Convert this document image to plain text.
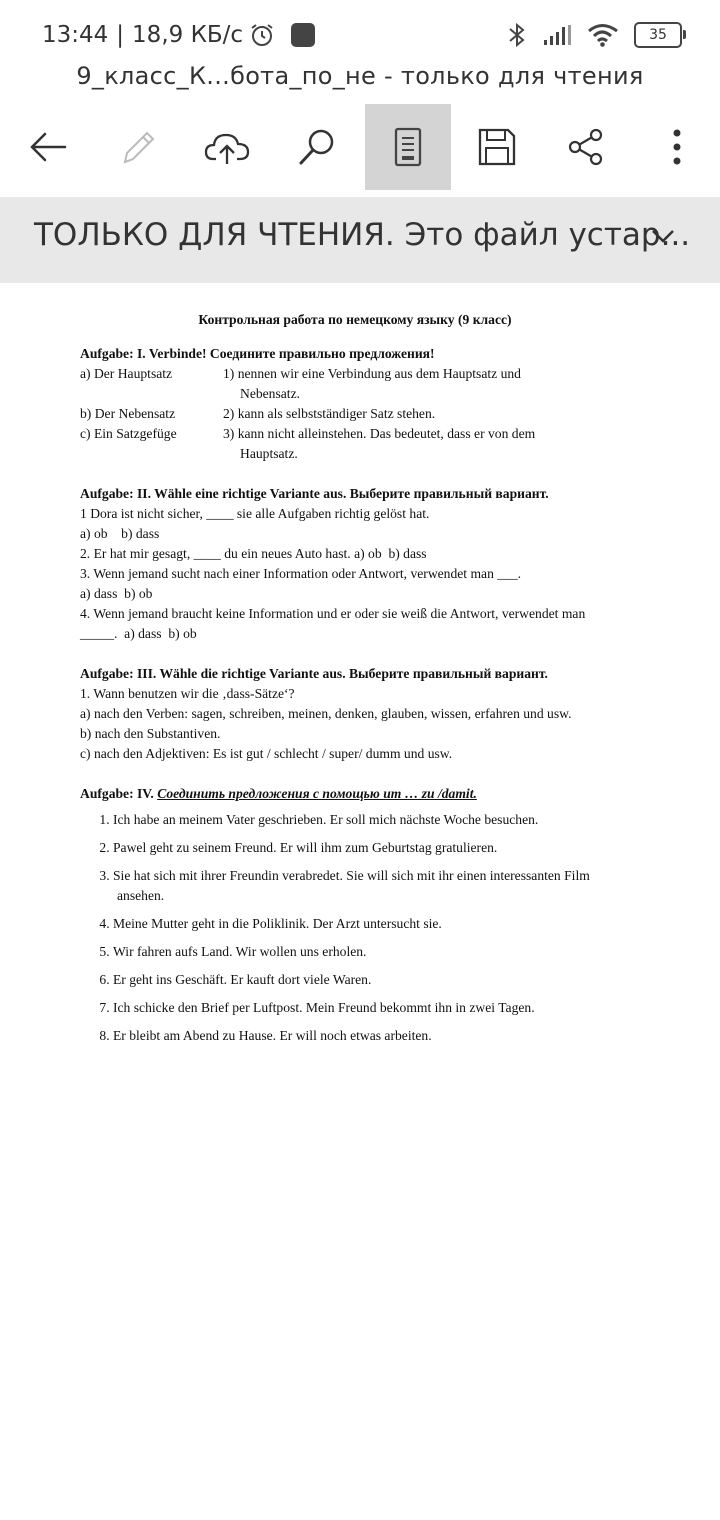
13:44 | 18,9 КБ/с	35
9_класс_К...бота_по_не - только для чтения
ТОЛЬКО ДЛЯ ЧТЕНИЯ. Это файл устар...
Контрольная работа по немецкому языку (9 класс)
Aufgabe: I. Verbinde! Соедините правильно предложения!
a) Der Hauptsatz	1) nennen wir eine Verbindung aus dem Hauptsatz und
Nebensatz.
b) Der Nebensatz	2) kann als selbstständiger Satz stehen.
c) Ein Satzgefüge	3) kann nicht alleinstehen. Das bedeutet, dass er von dem
Hauptsatz.
Aufgabe: II. Wähle eine richtige Variante aus. Выберите правильный вариант.
1 Dora ist nicht sicher, ____ sie alle Aufgaben richtig gelöst hat.
a) ob    b) dass
2. Er hat mir gesagt, ____ du ein neues Auto hast. a) ob  b) dass
3. Wenn jemand sucht nach einer Information oder Antwort, verwendet man ___.
a) dass  b) ob
4. Wenn jemand braucht keine Information und er oder sie weiß die Antwort, verwendet man
_____.  a) dass  b) ob
Aufgabe: III. Wähle die richtige Variante aus. Выберите правильный вариант.
1. Wann benutzen wir die ‚dass-Sätze‘?
a) nach den Verben: sagen, schreiben, meinen, denken, glauben, wissen, erfahren und usw.
b) nach den Substantiven.
c) nach den Adjektiven: Es ist gut / schlecht / super/ dumm und usw.
Aufgabe: IV. Соединить предложения с помощью um … zu /damit.
1. Ich habe an meinem Vater geschrieben. Er soll mich nächste Woche besuchen.
2. Pawel geht zu seinem Freund. Er will ihm zum Geburtstag gratulieren.
3. Sie hat sich mit ihrer Freundin verabredet. Sie will sich mit ihr einen interessanten Film
ansehen.
4. Meine Mutter geht in die Poliklinik. Der Arzt untersucht sie.
5. Wir fahren aufs Land. Wir wollen uns erholen.
6. Er geht ins Geschäft. Er kauft dort viele Waren.
7. Ich schicke den Brief per Luftpost. Mein Freund bekommt ihn in zwei Tagen.
8. Er bleibt am Abend zu Hause. Er will noch etwas arbeiten.
